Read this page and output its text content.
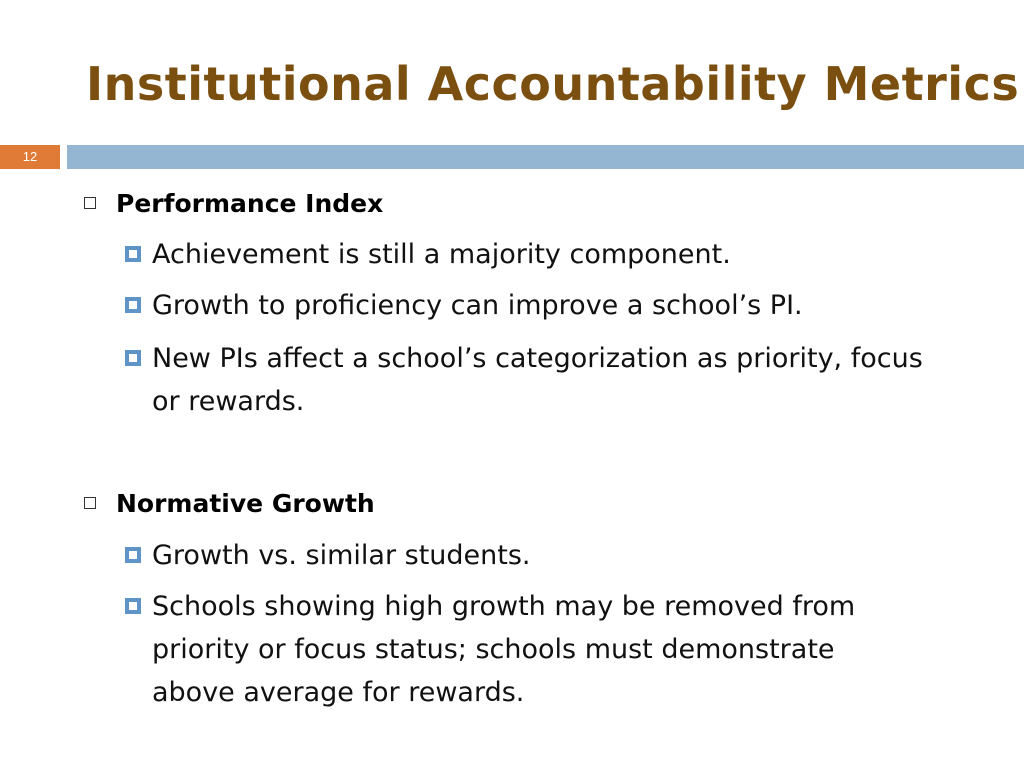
Institutional Accountability Metrics
12
Performance Index
Achievement is still a majority component.
Growth to proficiency can improve a school’s PI.
New PIs affect a school’s categorization as priority, focus or rewards.
Normative Growth
Growth vs. similar students.
Schools showing high growth may be removed from priority or focus status; schools must demonstrate above average for rewards.
